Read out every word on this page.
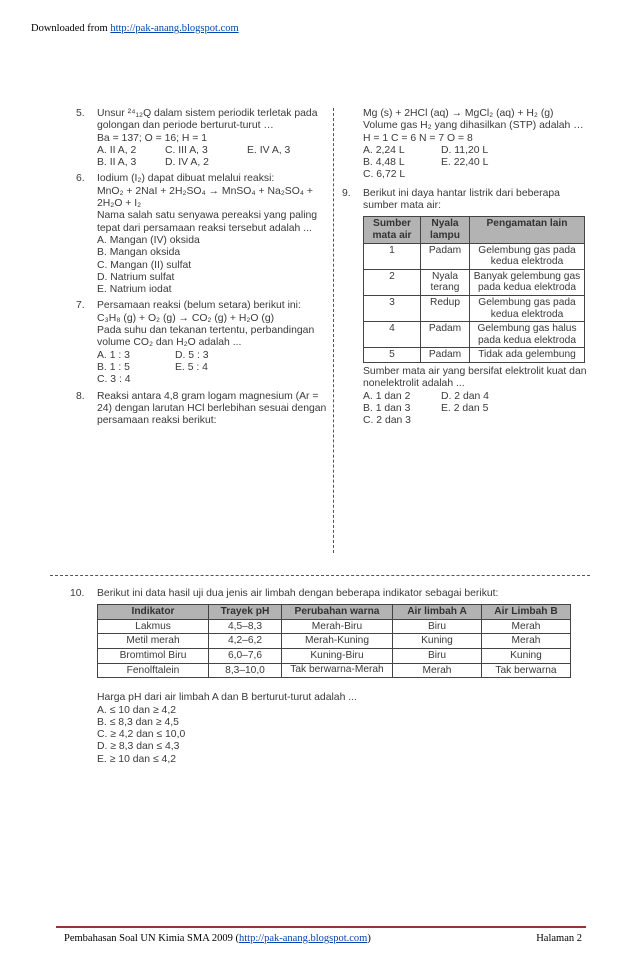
Downloaded from http://pak-anang.blogspot.com
5. Unsur ²⁴₁₂Q dalam sistem periodik terletak pada golongan dan periode berturut-turut …

Ba = 137; O = 16; H = 1

A. II A, 2	C. III A, 3	E. IV A, 3
B. II A, 3	D. IV A, 2
6. Iodium (I₂) dapat dibuat melalui reaksi:

MnO₂ + 2NaI + 2H₂SO₄ → MnSO₄ + Na₂SO₄ + 2H₂O + I₂

Nama salah satu senyawa pereaksi yang paling tepat dari persamaan reaksi tersebut adalah ...

A. Mangan (IV) oksida
B. Mangan oksida
C. Mangan (II) sulfat
D. Natrium sulfat
E. Natrium iodat
7. Persamaan reaksi (belum setara) berikut ini:

C₃H₈ (g) + O₂ (g) → CO₂ (g) + H₂O (g)

Pada suhu dan tekanan tertentu, perbandingan volume CO₂ dan H₂O adalah ...

A. 1 : 3	D. 5 : 3
B. 1 : 5	E. 5 : 4
C. 3 : 4
8. Reaksi antara 4,8 gram logam magnesium (Ar = 24) dengan larutan HCl berlebihan sesuai dengan persamaan reaksi berikut:

Mg (s) + 2HCl (aq) → MgCl₂ (aq) + H₂ (g)

Volume gas H₂ yang dihasilkan (STP) adalah …

H = 1 C = 6 N = 7 O = 8

A. 2,24 L	D. 11,20 L
B. 4,48 L	E. 22,40 L
C. 6,72 L
9. Berikut ini daya hantar listrik dari beberapa sumber mata air:

Sumber mata air	Nyala lampu	Pengamatan lain
1	Padam	Gelembung gas pada kedua elektroda
2	Nyala terang	Banyak gelembung gas pada kedua elektroda
3	Redup	Gelembung gas pada kedua elektroda
4	Padam	Gelembung gas halus pada kedua elektroda
5	Padam	Tidak ada gelembung

Sumber mata air yang bersifat elektrolit kuat dan nonelektrolit adalah ...

A. 1 dan 2	D. 2 dan 4
B. 1 dan 3	E. 2 dan 5
C. 2 dan 3
10. Berikut ini data hasil uji dua jenis air limbah dengan beberapa indikator sebagai berikut:

Indikator	Trayek pH	Perubahan warna	Air limbah A	Air Limbah B
Lakmus	4,5–8,3	Merah-Biru	Biru	Merah
Metil merah	4,2–6,2	Merah-Kuning	Kuning	Merah
Bromtimol Biru	6,0–7,6	Kuning-Biru	Biru	Kuning
Fenolftalein	8,3–10,0	Tak berwarna-Merah	Merah	Tak berwarna

Harga pH dari air limbah A dan B berturut-turut adalah ...

A. ≤ 10 dan ≥ 4,2
B. ≤ 8,3 dan ≥ 4,5
C. ≥ 4,2 dan ≤ 10,0
D. ≥ 8,3 dan ≤ 4,3
E. ≥ 10 dan ≤ 4,2
Pembahasan Soal UN Kimia SMA 2009 (http://pak-anang.blogspot.com)	Halaman 2
